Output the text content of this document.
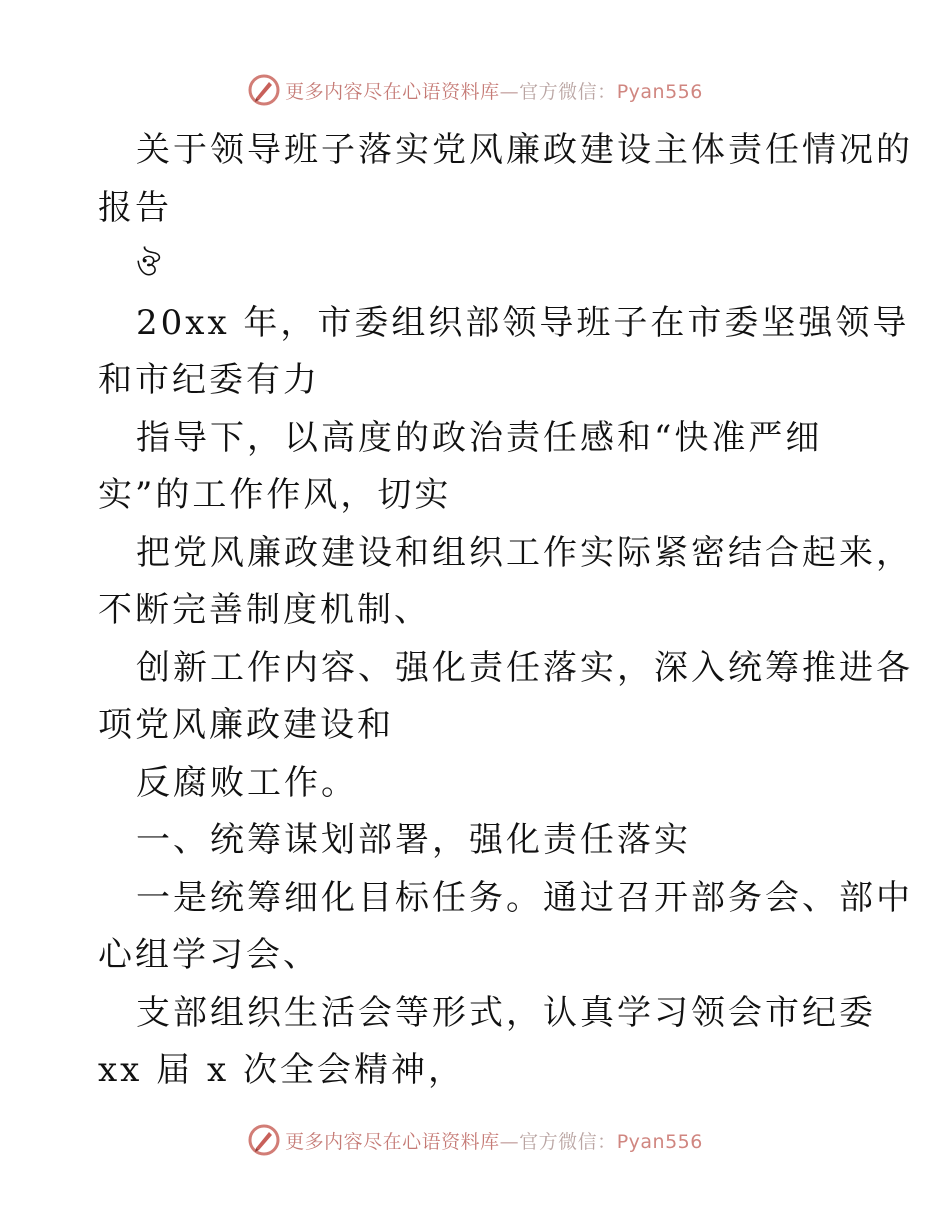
更多内容尽在心语资料库—官方微信：Pyan556
关于领导班子落实党风廉政建设主体责任情况的
报告
ঔ
20xx 年，市委组织部领导班子在市委坚强领导
和市纪委有力
指导下，以高度的政治责任感和“快准严细
实”的工作作风，切实
把党风廉政建设和组织工作实际紧密结合起来，
不断完善制度机制、
创新工作内容、强化责任落实，深入统筹推进各
项党风廉政建设和
反腐败工作。
一、统筹谋划部署，强化责任落实
一是统筹细化目标任务。通过召开部务会、部中
心组学习会、
支部组织生活会等形式，认真学习领会市纪委
xx 届 x 次全会精神，
更多内容尽在心语资料库—官方微信：Pyan556
